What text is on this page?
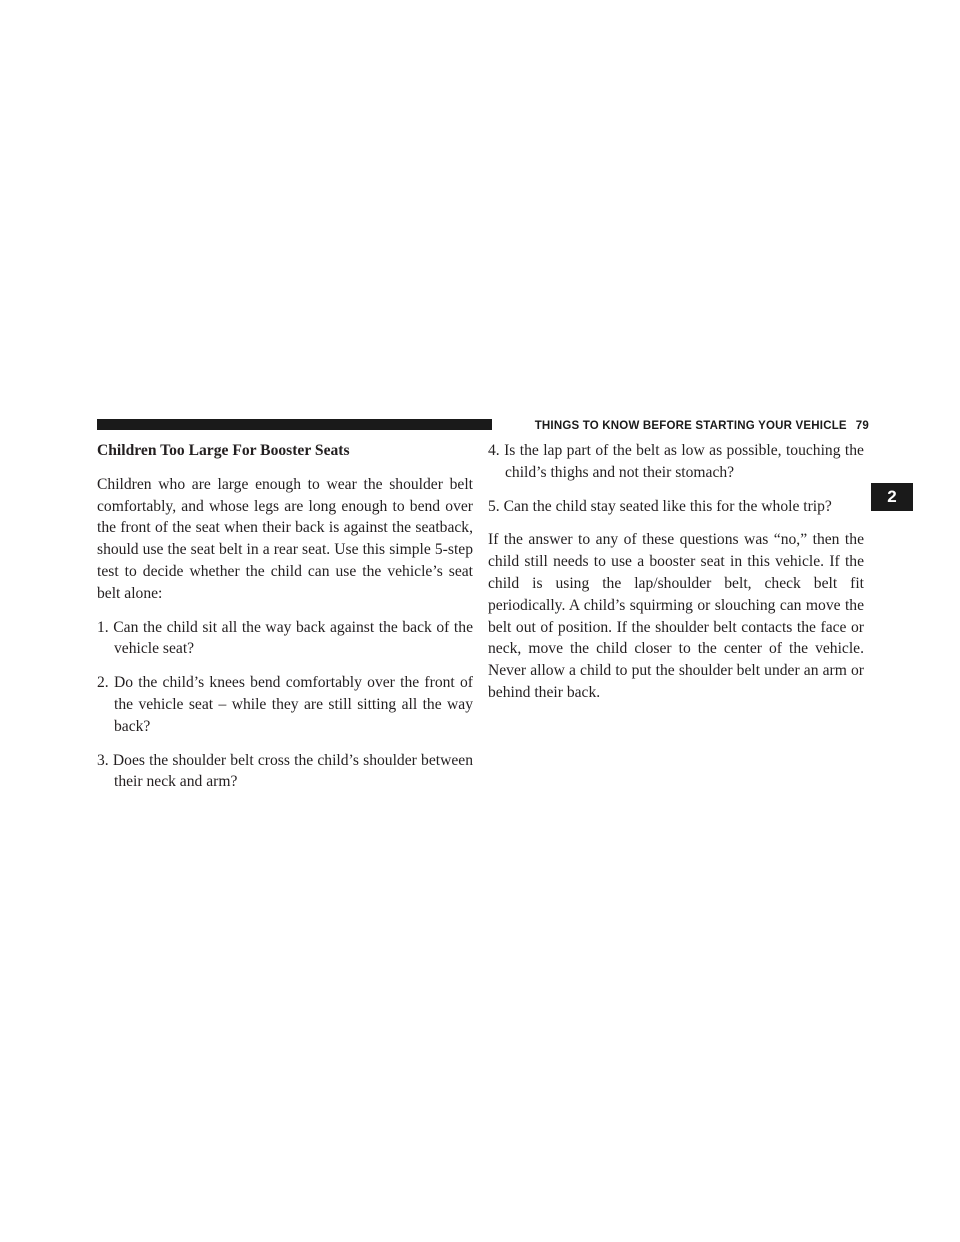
THINGS TO KNOW BEFORE STARTING YOUR VEHICLE 79
2
Children Too Large For Booster Seats

Children who are large enough to wear the shoulder belt comfortably, and whose legs are long enough to bend over the front of the seat when their back is against the seatback, should use the seat belt in a rear seat. Use this simple 5-step test to decide whether the child can use the vehicle’s seat belt alone:

1. Can the child sit all the way back against the back of the vehicle seat?
2. Do the child’s knees bend comfortably over the front of the vehicle seat – while they are still sitting all the way back?
3. Does the shoulder belt cross the child’s shoulder between their neck and arm?
4. Is the lap part of the belt as low as possible, touching the child’s thighs and not their stomach?
5. Can the child stay seated like this for the whole trip?

If the answer to any of these questions was “no,” then the child still needs to use a booster seat in this vehicle. If the child is using the lap/shoulder belt, check belt fit periodically. A child’s squirming or slouching can move the belt out of position. If the shoulder belt contacts the face or neck, move the child closer to the center of the vehicle. Never allow a child to put the shoulder belt under an arm or behind their back.
